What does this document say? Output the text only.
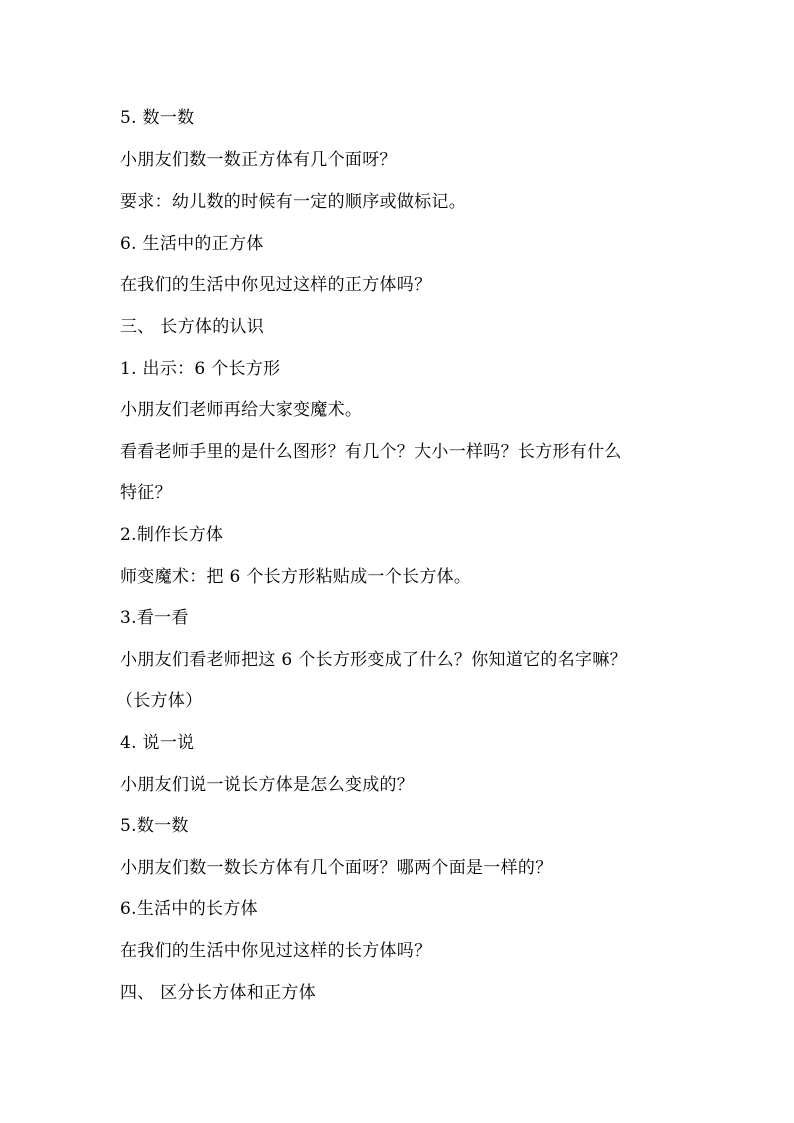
5. 数一数
小朋友们数一数正方体有几个面呀？
要求：幼儿数的时候有一定的顺序或做标记。
6. 生活中的正方体
在我们的生活中你见过这样的正方体吗？
三、 长方体的认识
1. 出示：6 个长方形
小朋友们老师再给大家变魔术。
看看老师手里的是什么图形？有几个？大小一样吗？长方形有什么
特征？
2.制作长方体
师变魔术：把 6 个长方形粘贴成一个长方体。
3.看一看
小朋友们看老师把这 6 个长方形变成了什么？你知道它的名字嘛？
（长方体）
4. 说一说
小朋友们说一说长方体是怎么变成的？
5.数一数
小朋友们数一数长方体有几个面呀？哪两个面是一样的？
6.生活中的长方体
在我们的生活中你见过这样的长方体吗？
四、 区分长方体和正方体
